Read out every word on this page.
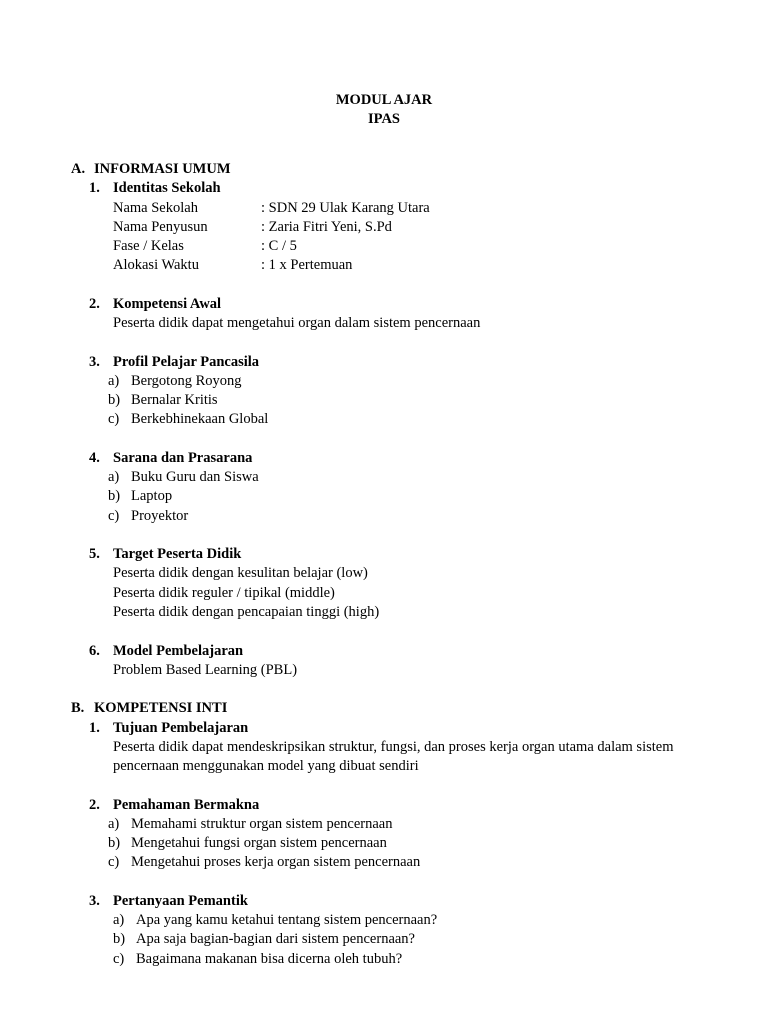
MODUL AJAR
IPAS
A. INFORMASI UMUM
1. Identitas Sekolah
Nama Sekolah	: SDN 29 Ulak Karang Utara
Nama Penyusun	: Zaria Fitri Yeni, S.Pd
Fase / Kelas	: C / 5
Alokasi Waktu	: 1 x Pertemuan
2. Kompetensi Awal
Peserta didik dapat mengetahui organ dalam sistem pencernaan
3. Profil Pelajar Pancasila
a) Bergotong Royong
b) Bernalar Kritis
c) Berkebhinekaan Global
4. Sarana dan Prasarana
a) Buku Guru dan Siswa
b) Laptop
c) Proyektor
5. Target Peserta Didik
Peserta didik dengan kesulitan belajar (low)
Peserta didik reguler / tipikal (middle)
Peserta didik dengan pencapaian tinggi (high)
6. Model Pembelajaran
Problem Based Learning (PBL)
B. KOMPETENSI INTI
1. Tujuan Pembelajaran
Peserta didik dapat mendeskripsikan struktur, fungsi, dan proses kerja organ utama dalam sistem
pencernaan menggunakan model yang dibuat sendiri
2. Pemahaman Bermakna
a) Memahami struktur organ sistem pencernaan
b) Mengetahui fungsi organ sistem pencernaan
c) Mengetahui proses kerja organ sistem pencernaan
3. Pertanyaan Pemantik
a) Apa yang kamu ketahui tentang sistem pencernaan?
b) Apa saja bagian-bagian dari sistem pencernaan?
c) Bagaimana makanan bisa dicerna oleh tubuh?
